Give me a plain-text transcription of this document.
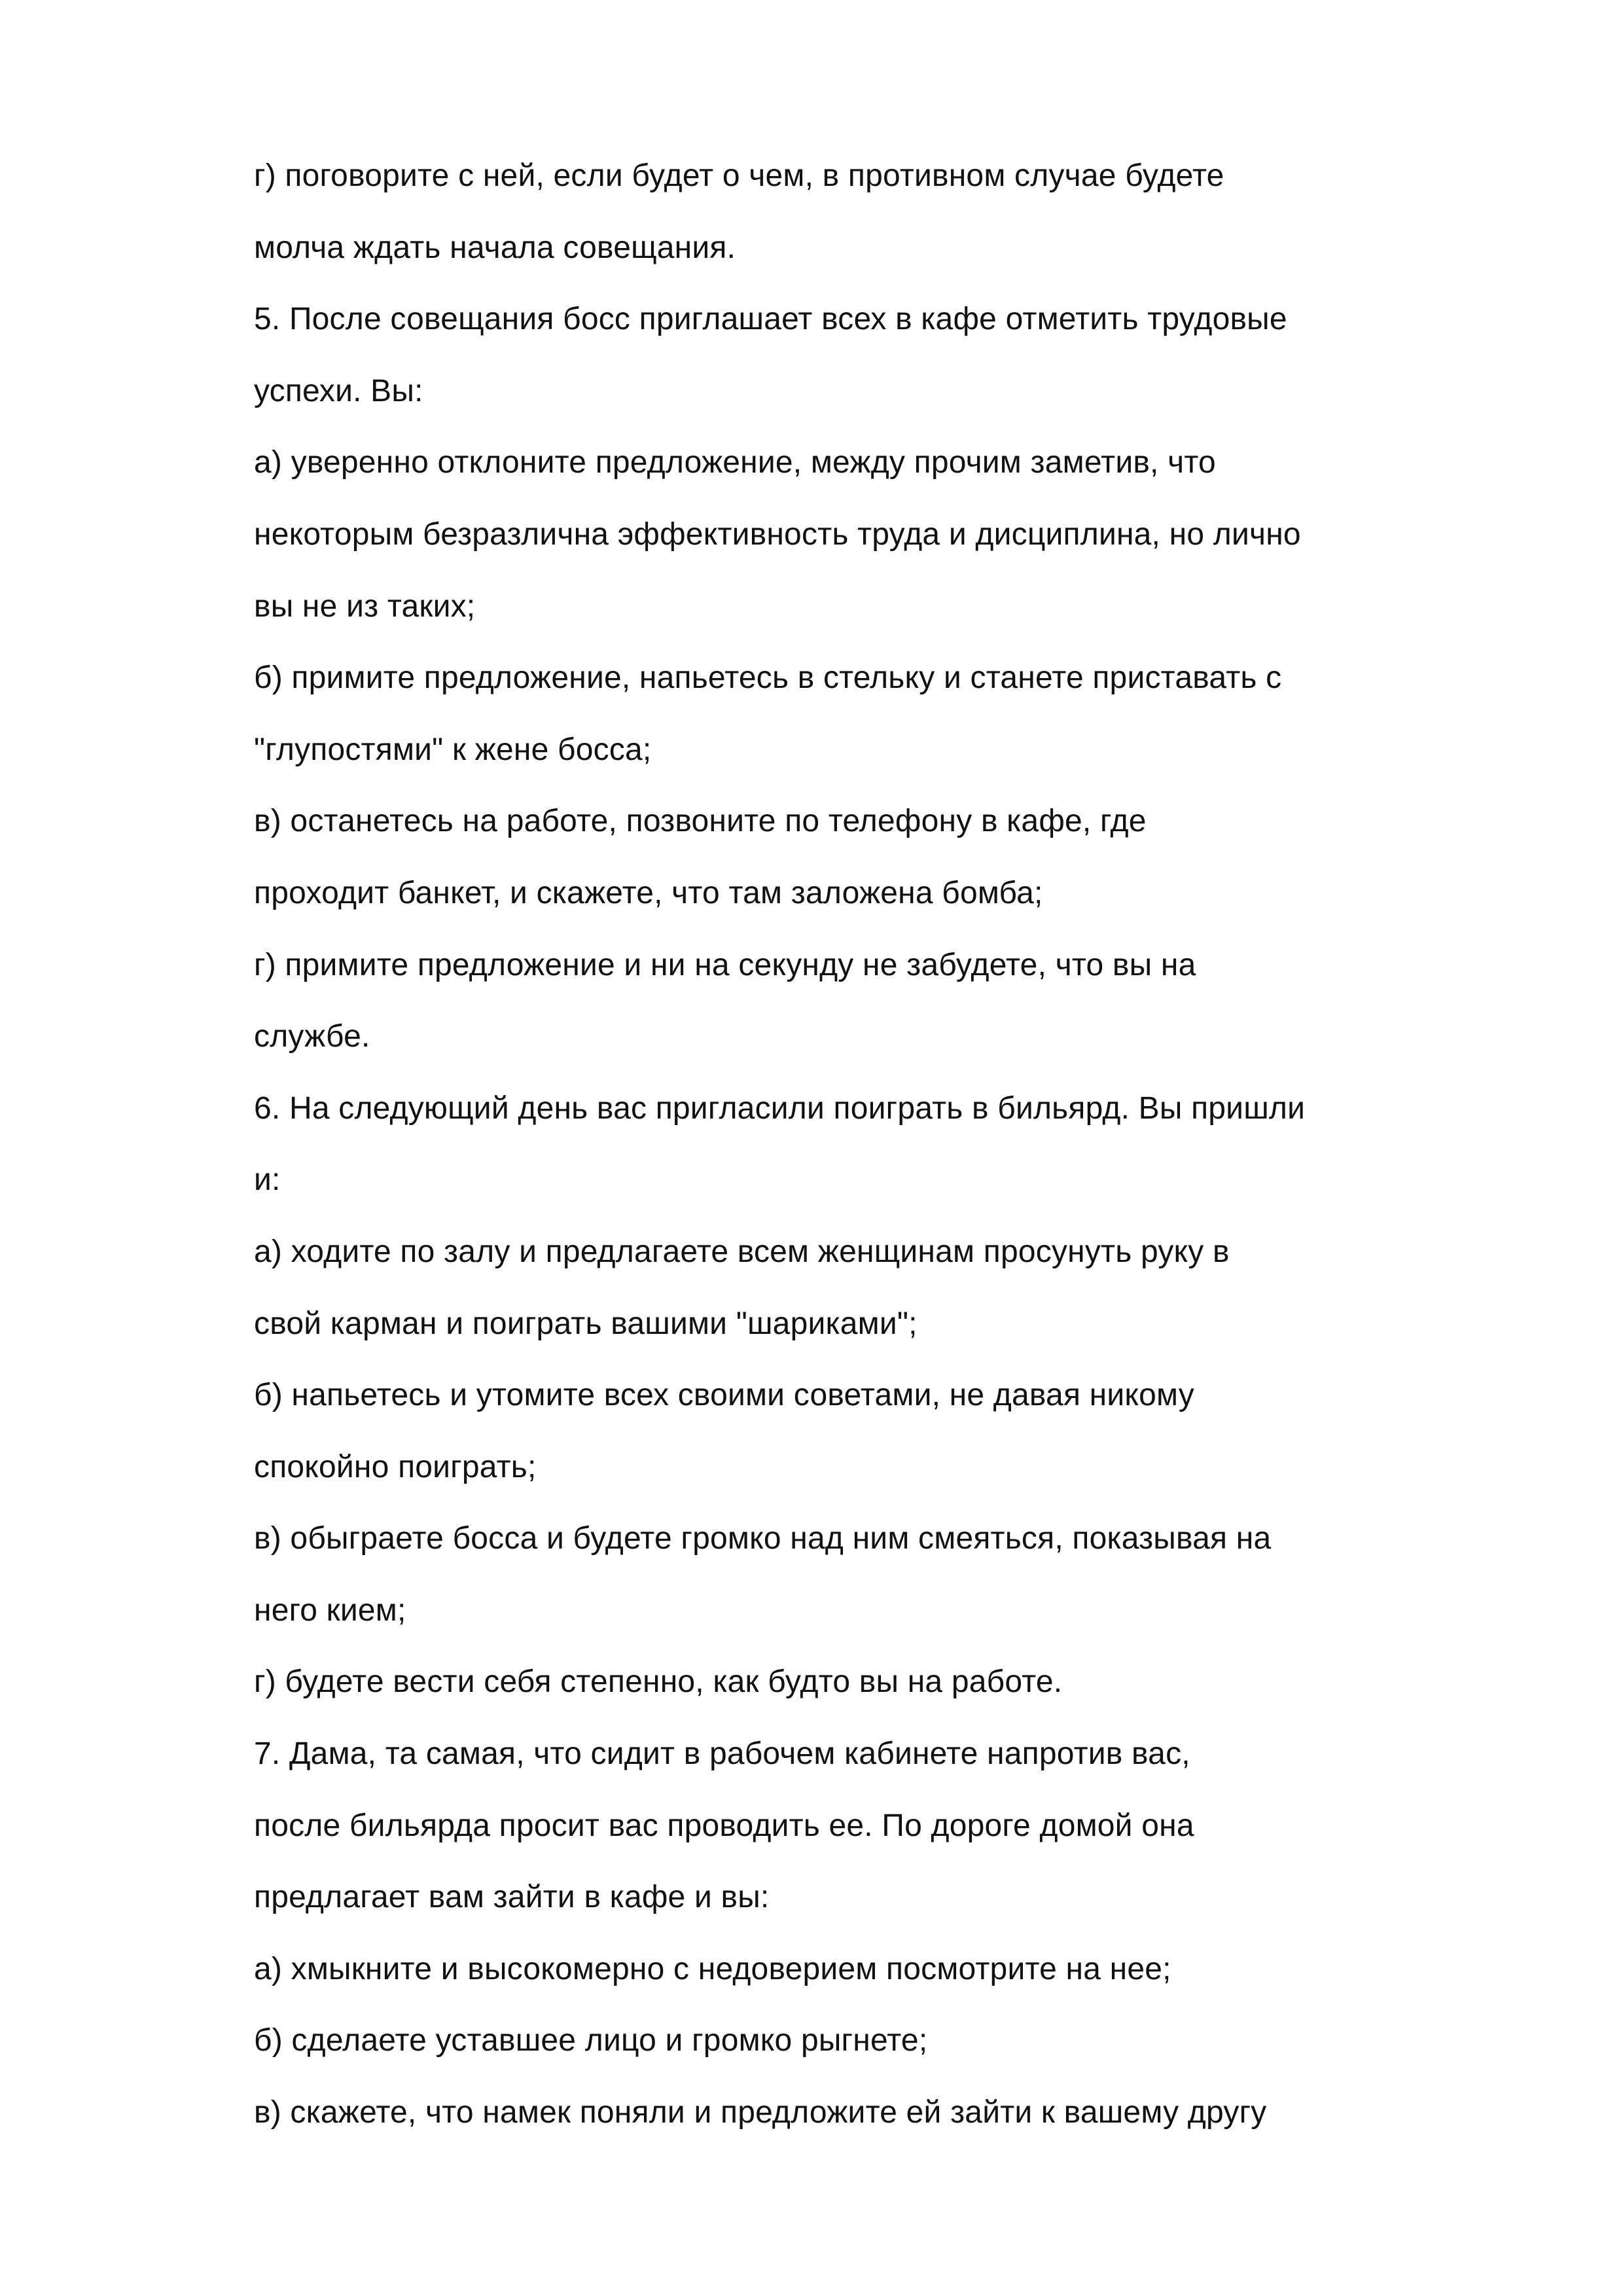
г) поговорите с ней, если будет о чем, в противном случае будете
молча ждать начала совещания.
5. После совещания босс приглашает всех в кафе отметить трудовые
успехи. Вы:
а) уверенно отклоните предложение, между прочим заметив, что
некоторым безразлична эффективность труда и дисциплина, но лично
вы не из таких;
б) примите предложение, напьетесь в стельку и станете приставать с
"глупостями" к жене босса;
в) останетесь на работе, позвоните по телефону в кафе, где
проходит банкет, и скажете, что там заложена бомба;
г) примите предложение и ни на секунду не забудете, что вы на
службе.
6. На следующий день вас пригласили поиграть в бильярд. Вы пришли
и:
а) ходите по залу и предлагаете всем женщинам просунуть руку в
свой карман и поиграть вашими "шариками";
б) напьетесь и утомите всех своими советами, не давая никому
спокойно поиграть;
в) обыграете босса и будете громко над ним смеяться, показывая на
него кием;
г) будете вести себя степенно, как будто вы на работе.
7. Дама, та самая, что сидит в рабочем кабинете напротив вас,
после бильярда просит вас проводить ее. По дороге домой она
предлагает вам зайти в кафе и вы:
а) хмыкните и высокомерно с недоверием посмотрите на нее;
б) сделаете уставшее лицо и громко рыгнете;
в) скажете, что намек поняли и предложите ей зайти к вашему другу
